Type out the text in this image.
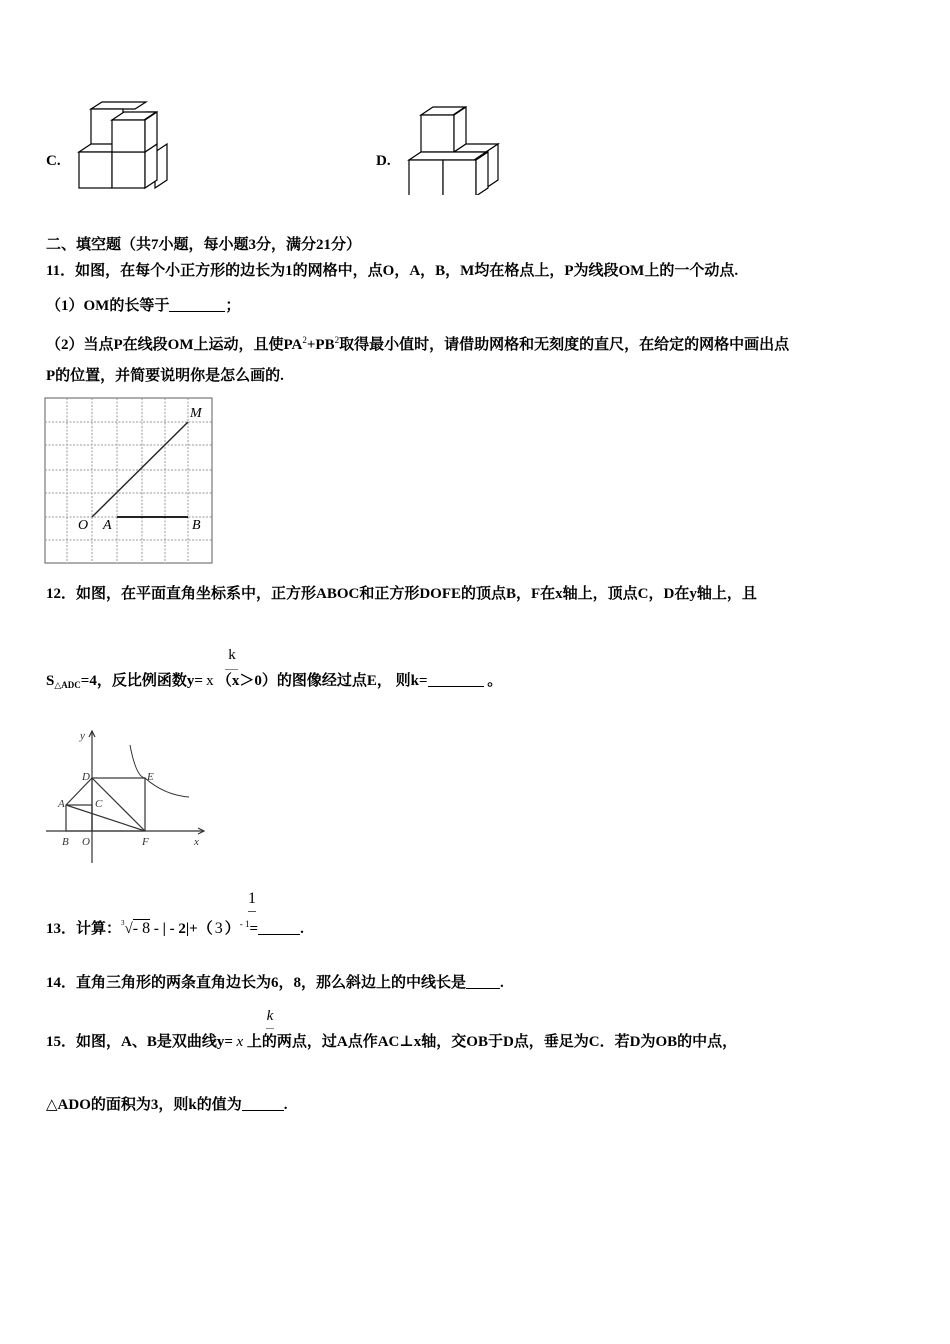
C.	D.
二、填空题（共7小题，每小题3分，满分21分）
11．如图，在每个小正方形的边长为1的网格中，点O，A，B，M均在格点上，P为线段OM上的一个动点.
（1）OM的长等于	；
（2）当点P在线段OM上运动，且使$PA^2+PB^2$取得最小值时，请借助网格和无刻度的直尺，在给定的网格中画出点
P的位置，并简要说明你是怎么画的.
O A	B
M
12．如图，在平面直角坐标系中，正方形ABOC和正方形DOFE的顶点B，F在x轴上，顶点C，D在y轴上，且
k
$S_{\triangle ADC}=4$，反比例函数y= x （x＞0）的图像经过点E， 则k=	。
y
x
D	E
A	C
B O	F
1
13．计算：$^3$√- 8 - | - 2|+（ 3 ）$^{- 1}$=	.
14．直角三角形的两条直角边长为6，8，那么斜边上的中线长是 .
k
15．如图，A、B是双曲线y= x 上的两点，过A点作AC⊥x轴，交OB于D点，垂足为C．若D为OB的中点，
△ADO的面积为3，则k的值为	.
